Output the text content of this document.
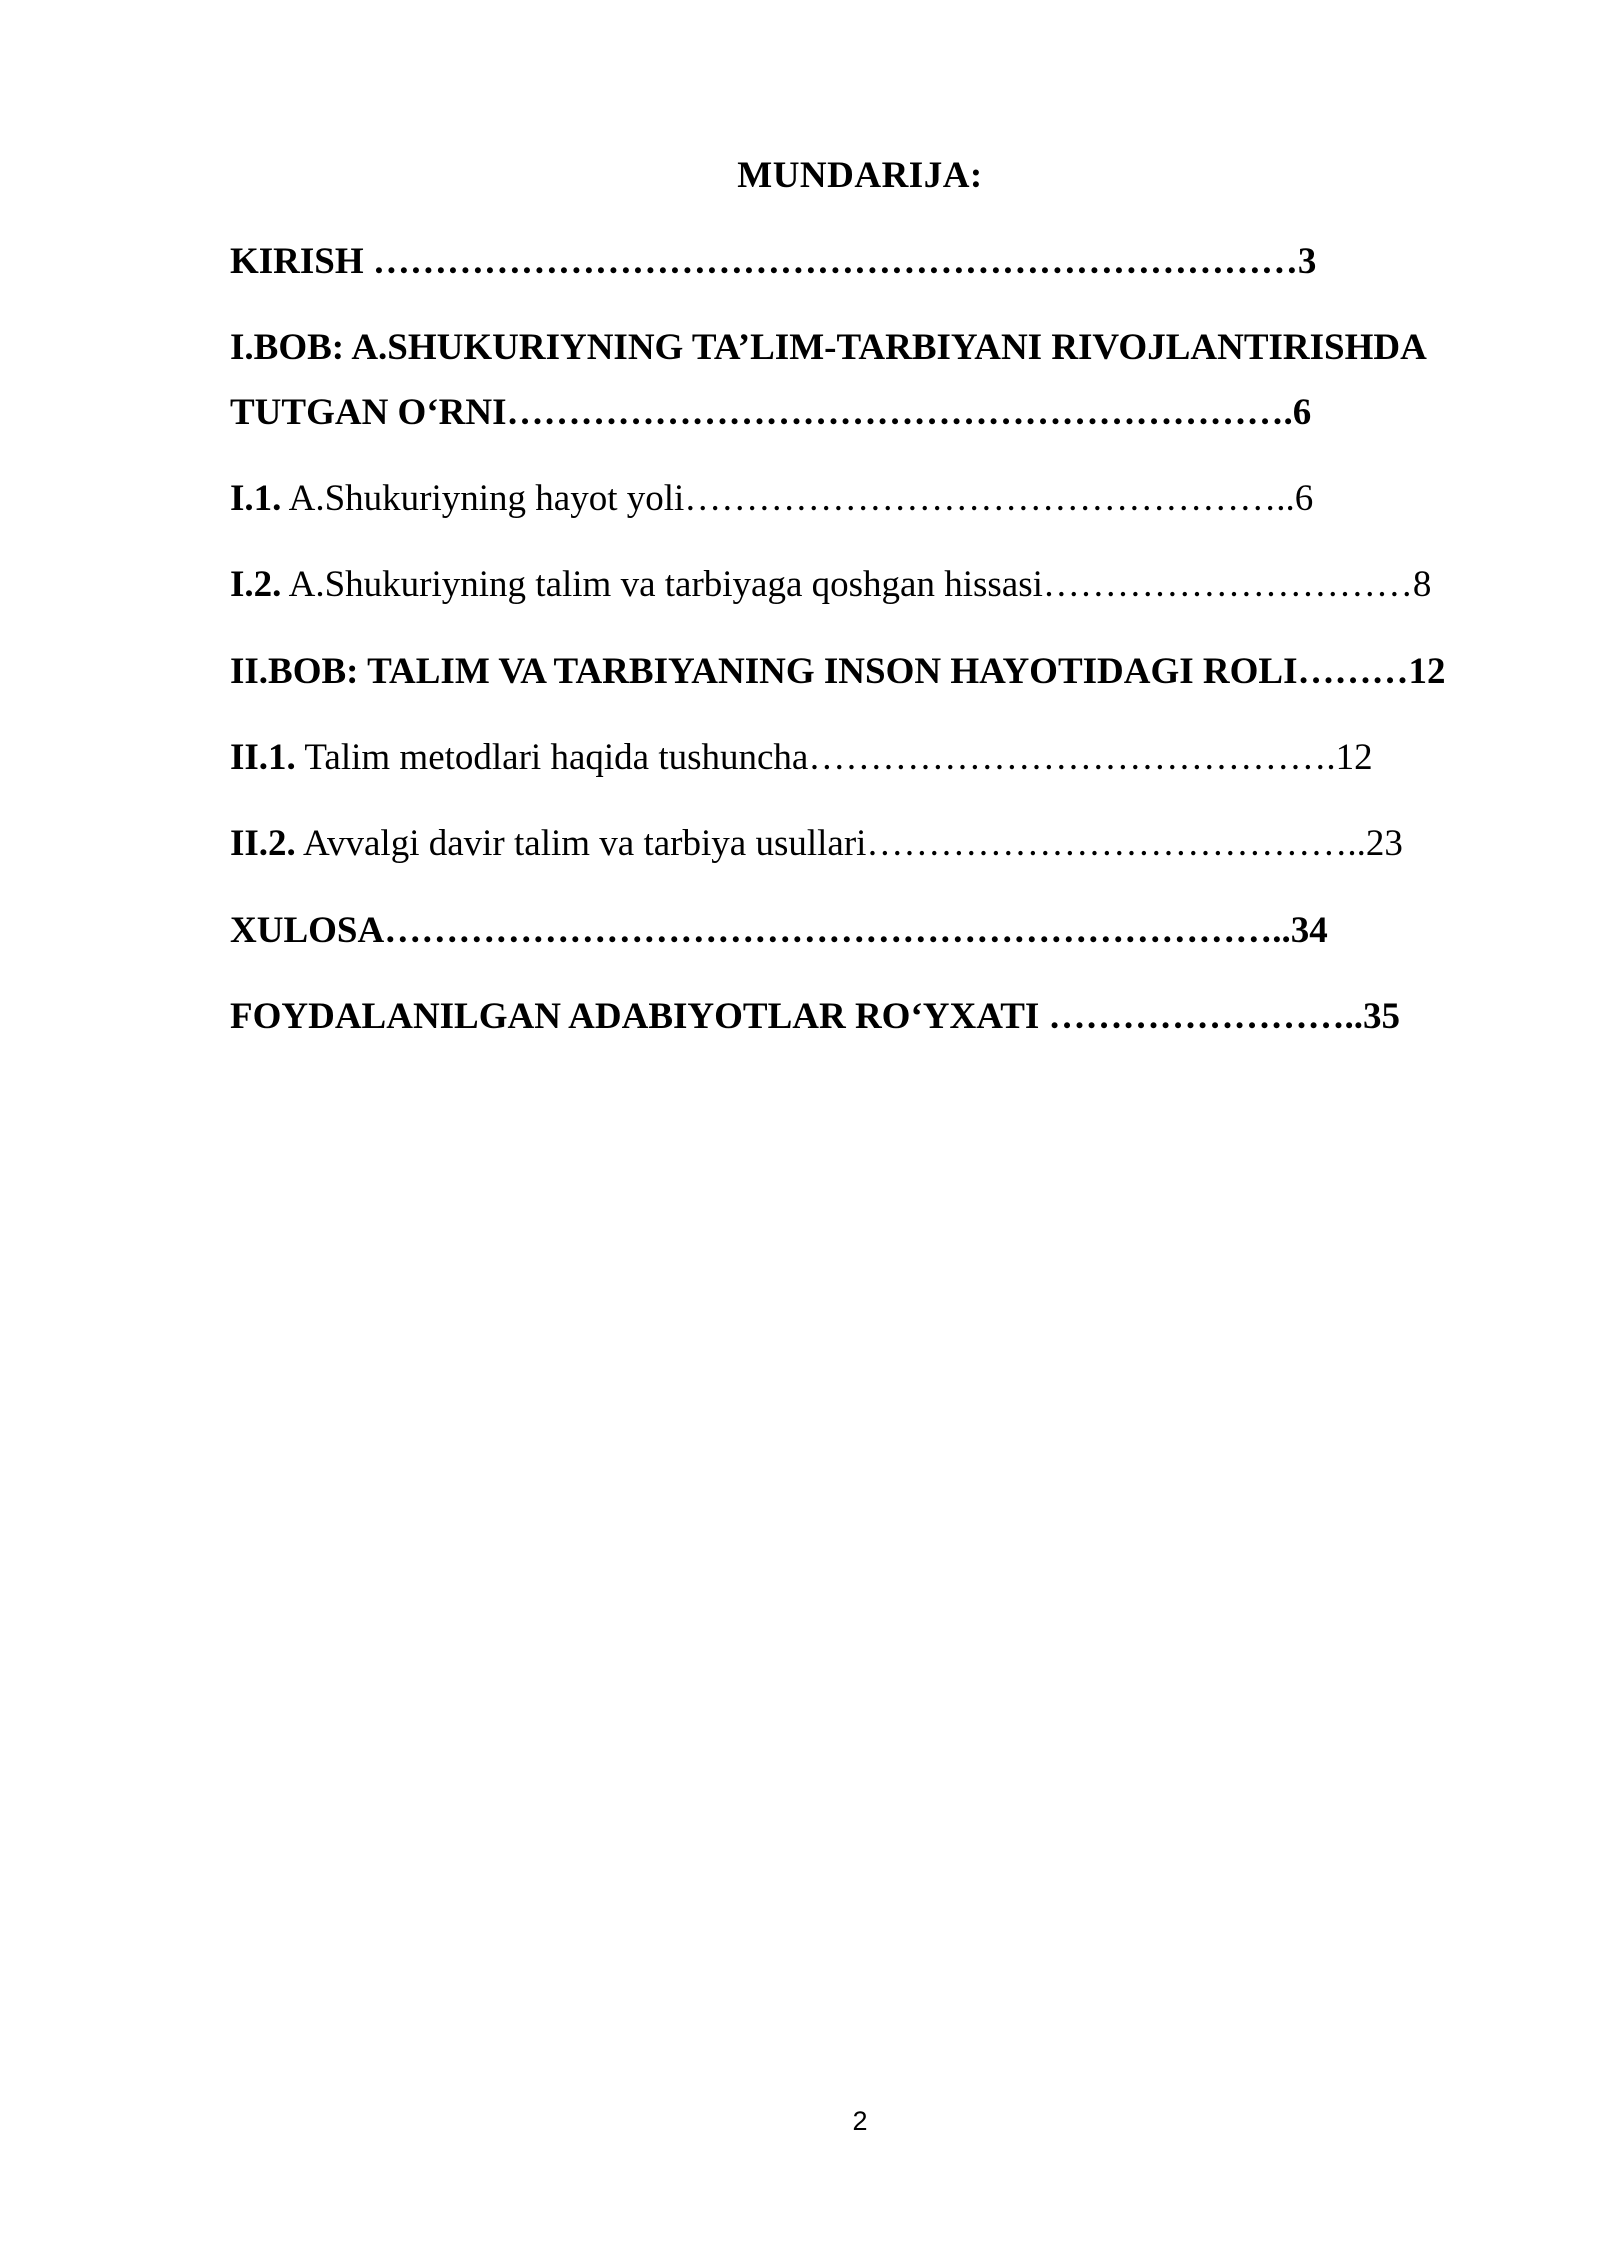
MUNDARIJA:
KIRISH …………………………………………………………………3
I.BOB: A.SHUKURIYNING TA’LIM-TARBIYANI RIVOJLANTIRISHDA
TUTGAN O‘RNI……………………………………………………….6
I.1. A.Shukuriyning hayot yoli…………………………………………..6
I.2. A.Shukuriyning talim va tarbiyaga qoshgan hissasi…………………………8
II.BOB: TALIM VA TARBIYANING INSON HAYOTIDAGI ROLI………12
II.1. Talim metodlari haqida tushuncha…………………………………….12
II.2. Avvalgi davir talim va tarbiya usullari…………………………………..23
XULOSA………………………………………………………………..34
FOYDALANILGAN ADABIYOTLAR RO‘YXATI ……………………..35
2
